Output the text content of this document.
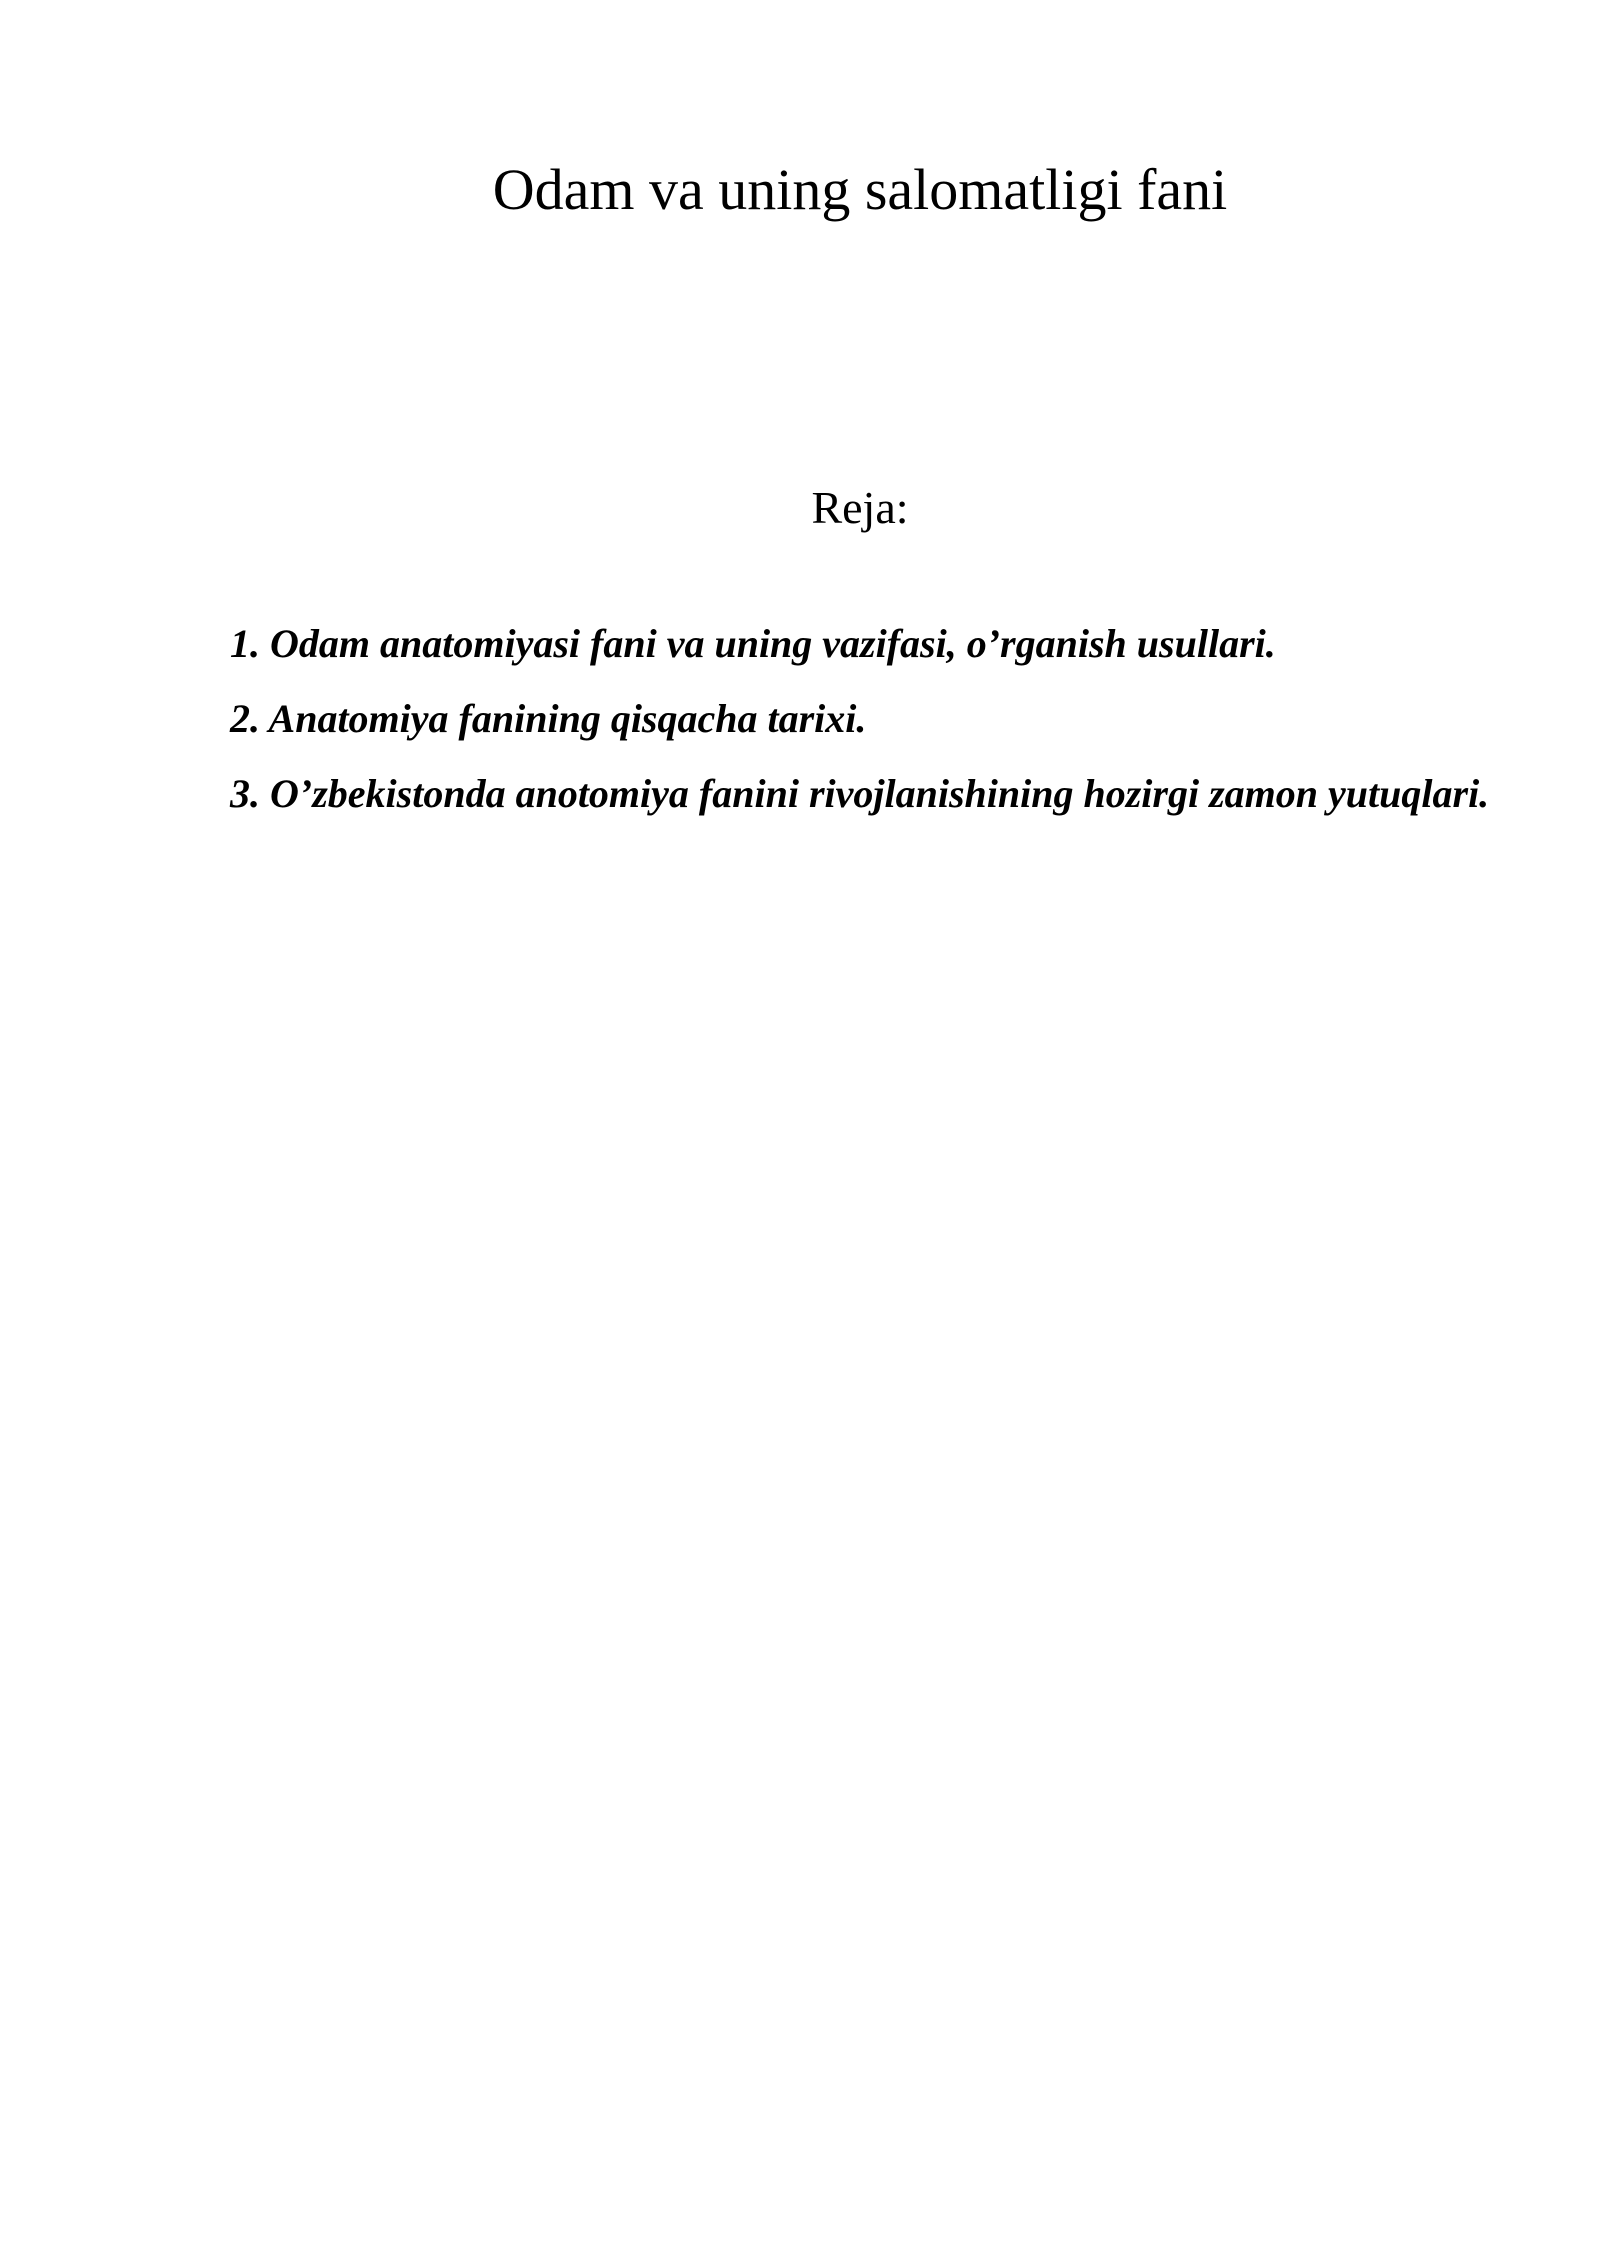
Odam va uning salomatligi fani
Reja:
1. Odam anatomiyasi fani va uning vazifasi, o’rganish usullari.
2. Anatomiya fanining qisqacha tarixi.
3. O’zbekistonda anotomiya fanini rivojlanishining hozirgi zamon yutuqlari.
